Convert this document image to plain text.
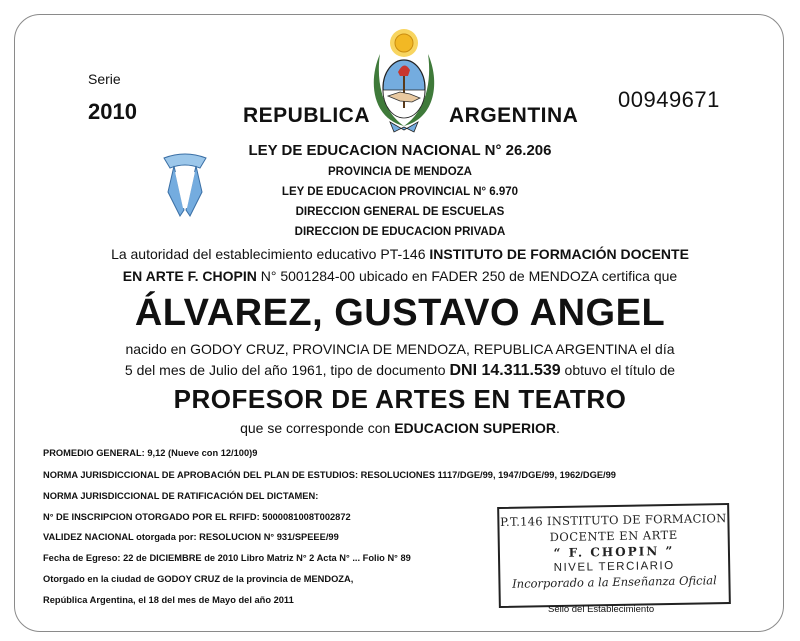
Serie
2010	00949671
REPUBLICA	ARGENTINA
LEY DE EDUCACION NACIONAL N° 26.206
PROVINCIA DE MENDOZA
LEY DE EDUCACION PROVINCIAL N° 6.970
DIRECCION GENERAL DE ESCUELAS
DIRECCION DE EDUCACION PRIVADA
La autoridad del establecimiento educativo PT-146 INSTITUTO DE FORMACIÓN DOCENTE
EN ARTE F. CHOPIN N° 5001284-00 ubicado en FADER 250 de MENDOZA certifica que
ÁLVAREZ, GUSTAVO ANGEL
nacido en GODOY CRUZ, PROVINCIA DE MENDOZA, REPUBLICA ARGENTINA el día
5 del mes de Julio del año 1961, tipo de documento DNI 14.311.539 obtuvo el título de
PROFESOR DE ARTES EN TEATRO
que se corresponde con EDUCACION SUPERIOR.
PROMEDIO GENERAL: 9,12 (Nueve con 12/100)9
NORMA JURISDICCIONAL DE APROBACIÓN DEL PLAN DE ESTUDIOS: RESOLUCIONES 1117/DGE/99, 1947/DGE/99, 1962/DGE/99
NORMA JURISDICCIONAL DE RATIFICACIÓN DEL DICTAMEN:
N° DE INSCRIPCION OTORGADO POR EL RFIFD: 5000081008T002872
VALIDEZ NACIONAL otorgada por: RESOLUCION N° 931/SPEEE/99
Fecha de Egreso: 22 de DICIEMBRE de 2010 Libro Matriz N° 2 Acta N° ... Folio N° 89
Otorgado en la ciudad de GODOY CRUZ de la provincia de MENDOZA,
República Argentina, el 18 del mes de Mayo del año 2011
P.T.146 INSTITUTO DE FORMACION
DOCENTE EN ARTE
“ F. CHOPIN ”
NIVEL TERCIARIO
Incorporado a la Enseñanza Oficial
Sello del Establecimiento
